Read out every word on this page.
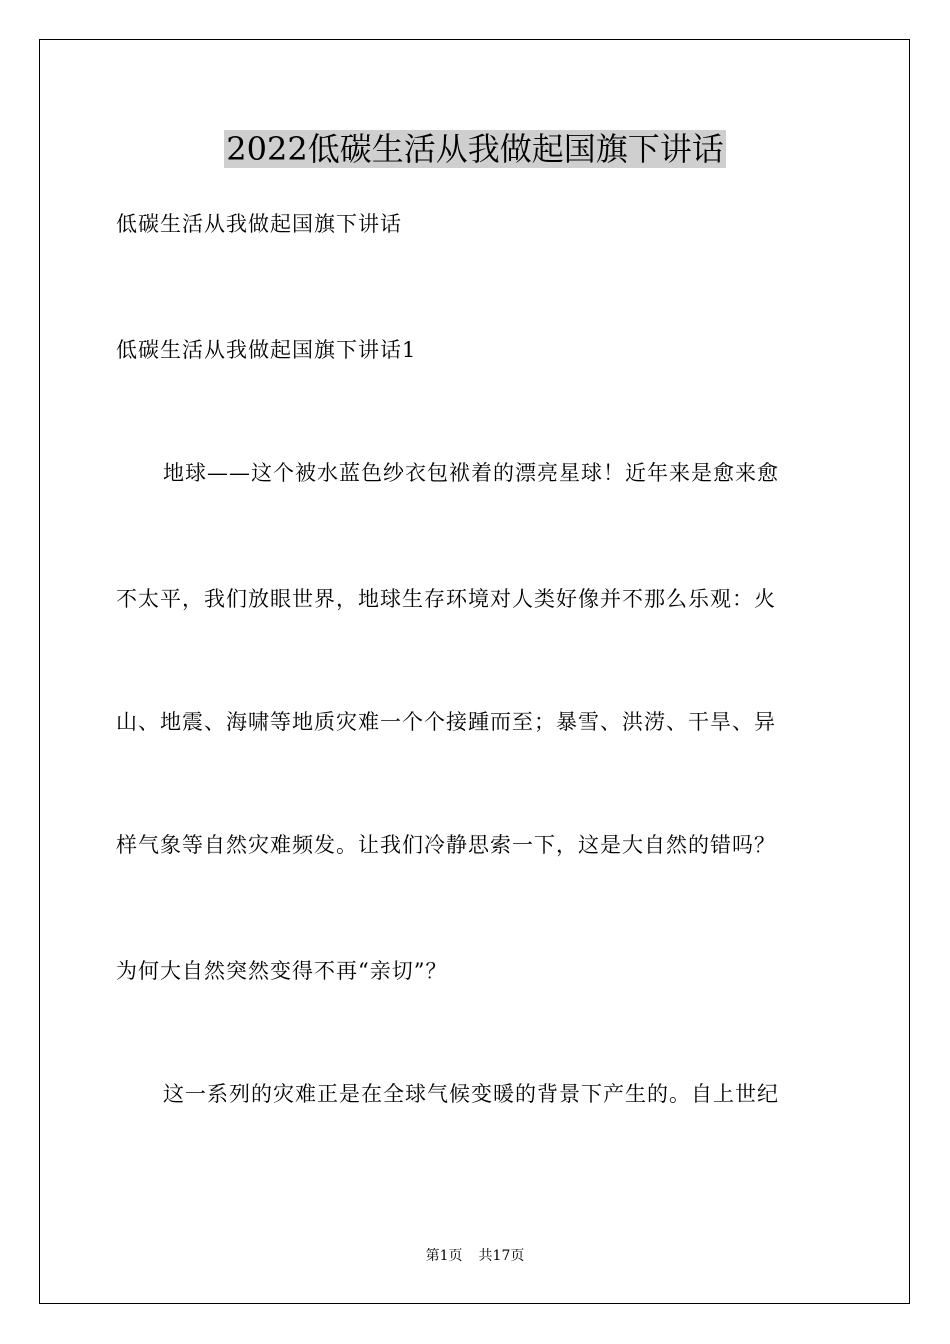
2022低碳生活从我做起国旗下讲话

低碳生活从我做起国旗下讲话

低碳生活从我做起国旗下讲话1

地球——这个被水蓝色纱衣包袱着的漂亮星球！近年来是愈来愈

不太平，我们放眼世界，地球生存环境对人类好像并不那么乐观：火

山、地震、海啸等地质灾难一个个接踵而至；暴雪、洪涝、干旱、异

样气象等自然灾难频发。让我们冷静思索一下，这是大自然的错吗？

为何大自然突然变得不再“亲切”？

这一系列的灾难正是在全球气候变暖的背景下产生的。自上世纪

第1页 共17页
